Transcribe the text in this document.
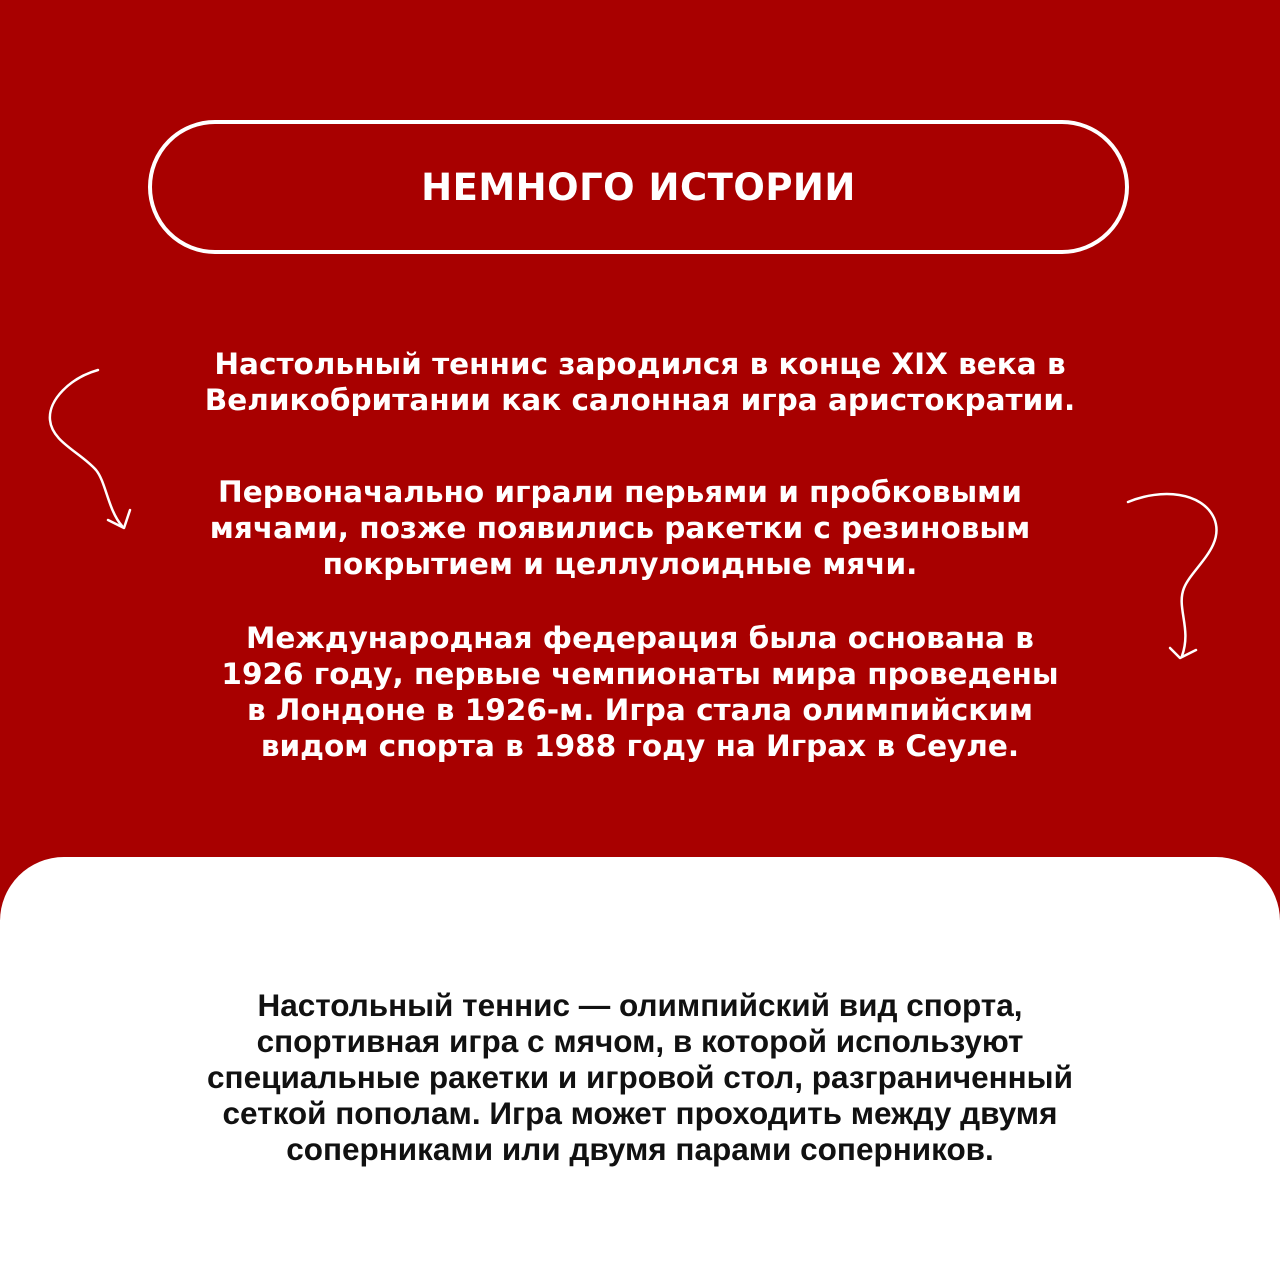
НЕМНОГО ИСТОРИИ

Настольный теннис зародился в конце XIX века в
Великобритании как салонная игра аристократии.

Первоначально играли перьями и пробковыми
мячами, позже появились ракетки с резиновым
покрытием и целлулоидные мячи.

Международная федерация была основана в
1926 году, первые чемпионаты мира проведены
в Лондоне в 1926-м. Игра стала олимпийским
видом спорта в 1988 году на Играх в Сеуле.

Настольный теннис — олимпийский вид спорта,
спортивная игра с мячом, в которой используют
специальные ракетки и игровой стол, разграниченный
сеткой пополам. Игра может проходить между двумя
соперниками или двумя парами соперников.
